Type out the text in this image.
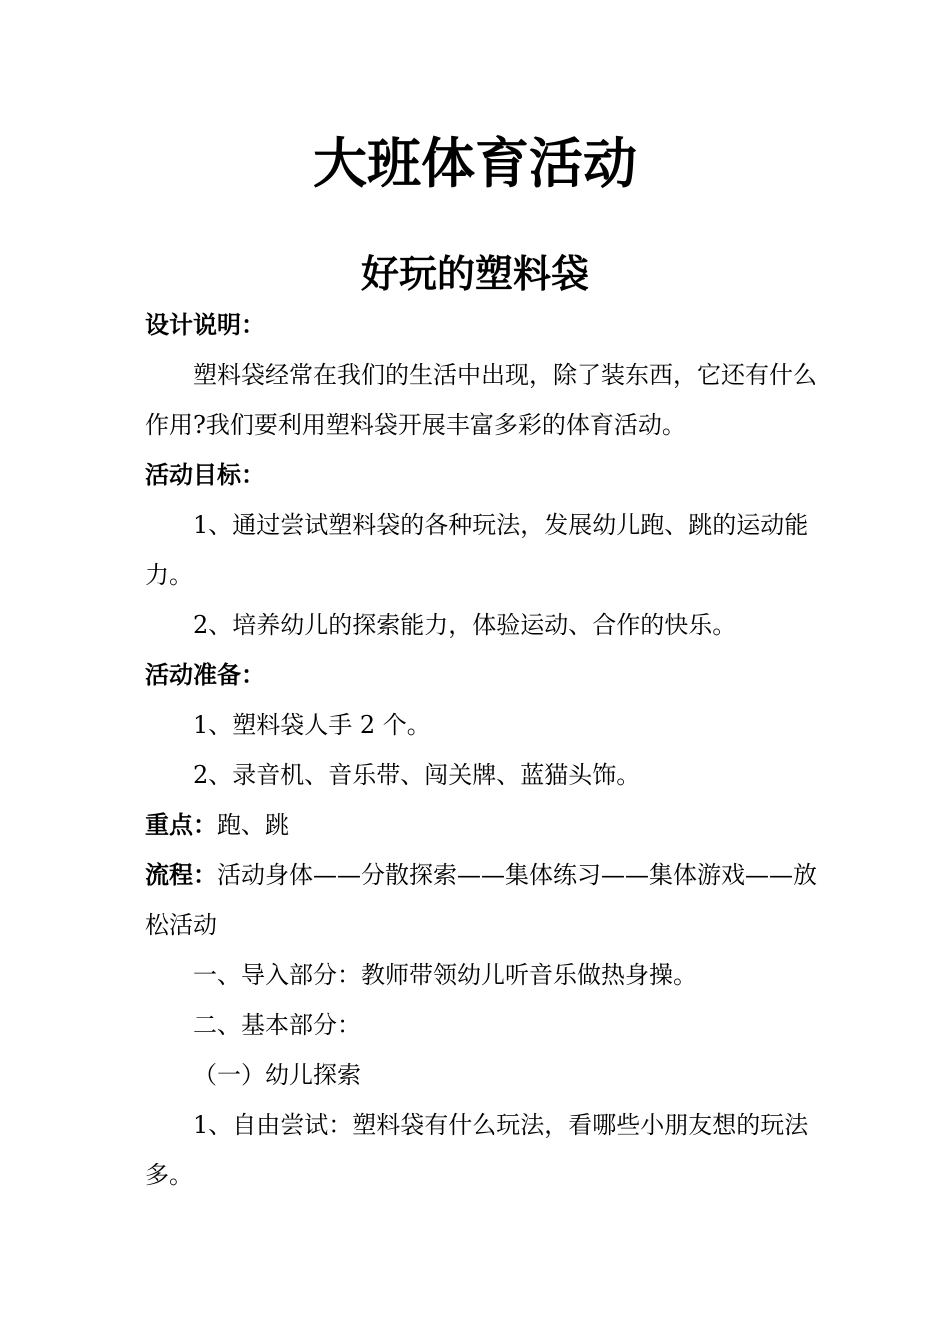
大班体育活动
好玩的塑料袋

设计说明：

塑料袋经常在我们的生活中出现，除了装东西，它还有什么作用?我们要利用塑料袋开展丰富多彩的体育活动。

活动目标：

1、通过尝试塑料袋的各种玩法，发展幼儿跑、跳的运动能力。

2、培养幼儿的探索能力，体验运动、合作的快乐。

活动准备：

1、塑料袋人手 2 个。

2、录音机、音乐带、闯关牌、蓝猫头饰。

重点：跑、跳

流程：活动身体——分散探索——集体练习——集体游戏——放松活动

一、导入部分：教师带领幼儿听音乐做热身操。

二、基本部分：

（一）幼儿探索

1、自由尝试：塑料袋有什么玩法，看哪些小朋友想的玩法多。
